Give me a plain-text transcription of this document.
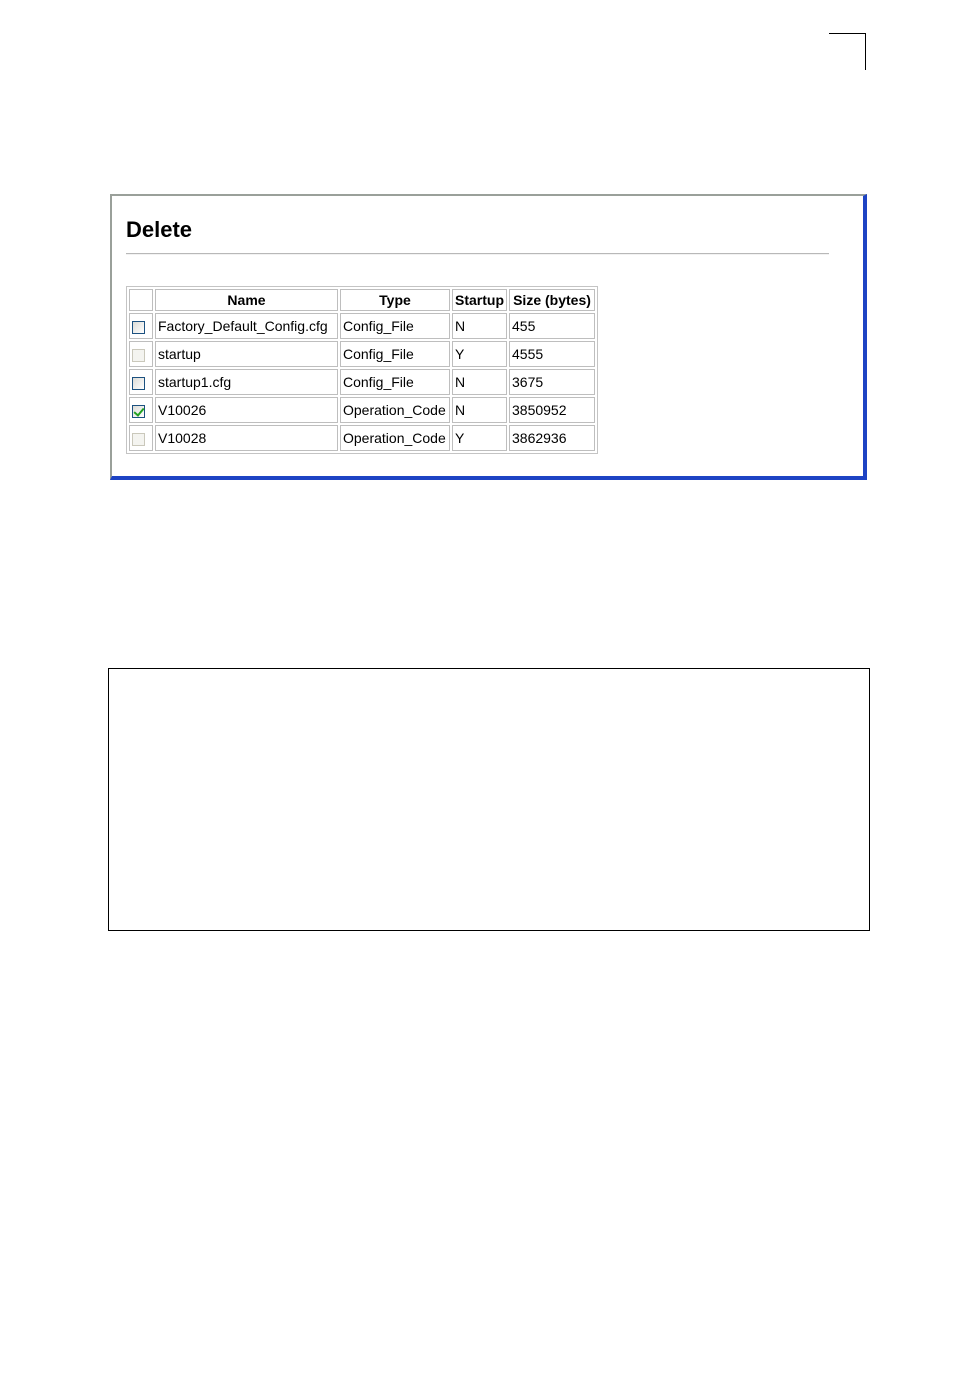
Delete
	Name	Type	Startup	Size (bytes)
	Factory_Default_Config.cfg	Config_File	N	455
	startup	Config_File	Y	4555
	startup1.cfg	Config_File	N	3675
	V10026	Operation_Code	N	3850952
	V10028	Operation_Code	Y	3862936
